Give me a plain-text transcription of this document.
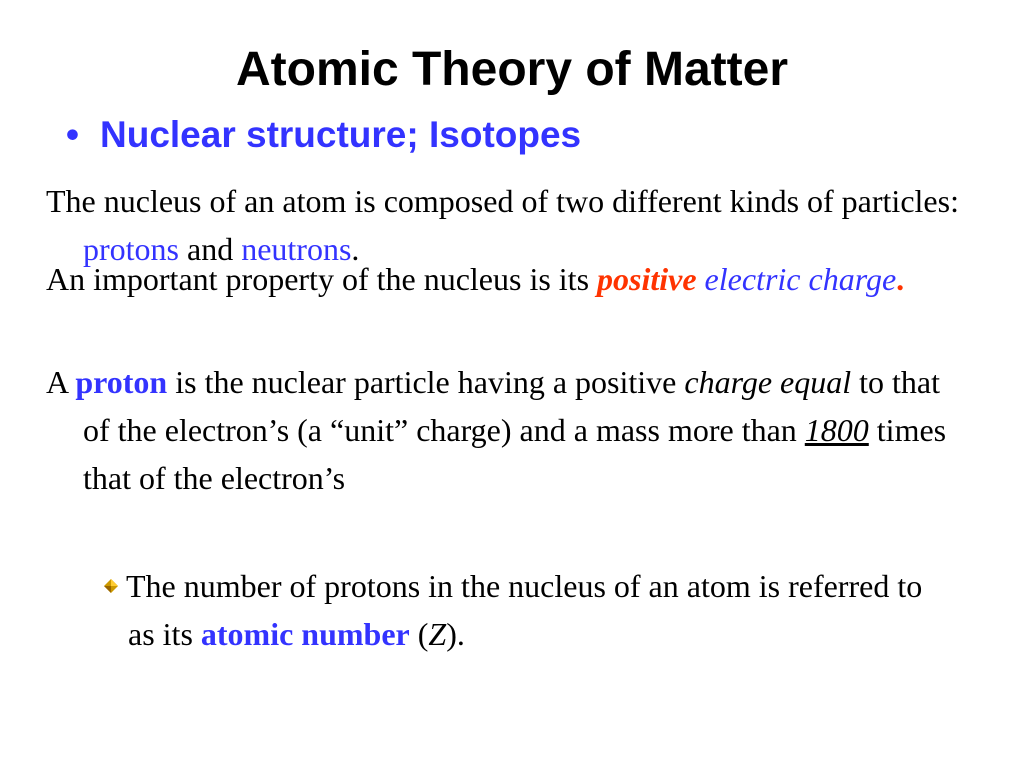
Atomic Theory of Matter
• Nuclear structure; Isotopes

The nucleus of an atom is composed of two different kinds of particles: protons and neutrons.

An important property of the nucleus is its positive electric charge.

A proton is the nuclear particle having a positive charge equal to that of the electron’s (a “unit” charge) and a mass more than 1800 times that of the electron’s

The number of protons in the nucleus of an atom is referred to as its atomic number (Z).
